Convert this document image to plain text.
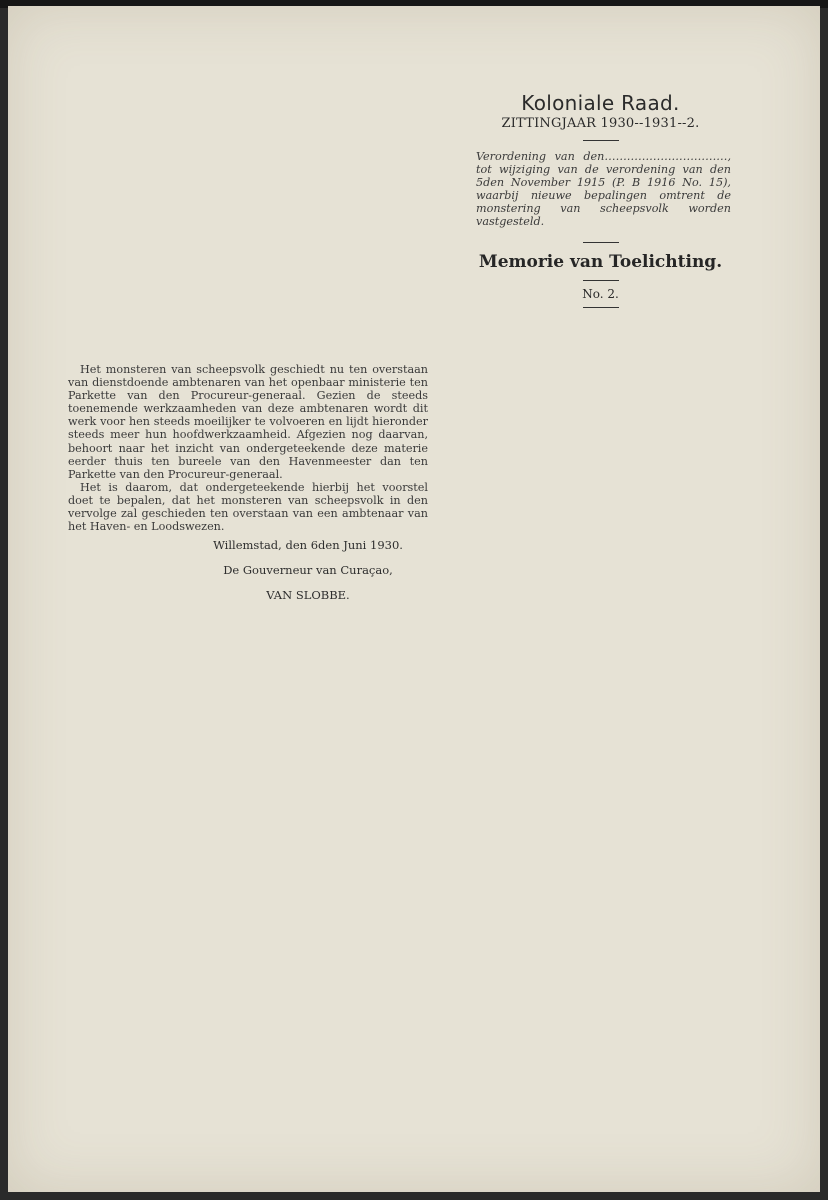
Koloniale Raad.
ZITTINGJAAR 1930--1931--2.
Verordening van den……………………………, tot wijziging van de verordening van den 5den November 1915 (P. B 1916 No. 15), waarbij nieuwe bepalingen omtrent de monstering van scheepsvolk worden vastgesteld.
Memorie van Toelichting.
No. 2.

Het monsteren van scheepsvolk geschiedt nu ten overstaan van dienstdoende ambtenaren van het openbaar ministerie ten Parkette van den Procureur-generaal. Gezien de steeds toenemende werkzaamheden van deze ambtenaren wordt dit werk voor hen steeds moeilijker te volvoeren en lijdt hieronder steeds meer hun hoofdwerkzaamheid. Afgezien nog daarvan, behoort naar het inzicht van ondergeteekende deze materie eerder thuis ten bureele van den Havenmeester dan ten Parkette van den Procureur-generaal.

Het is daarom, dat ondergeteekende hierbij het voorstel doet te bepalen, dat het monsteren van scheepsvolk in den vervolge zal geschieden ten overstaan van een ambtenaar van het Haven- en Loodswezen.

Willemstad, den 6den Juni 1930.
De Gouverneur van Curaçao,
VAN SLOBBE.
